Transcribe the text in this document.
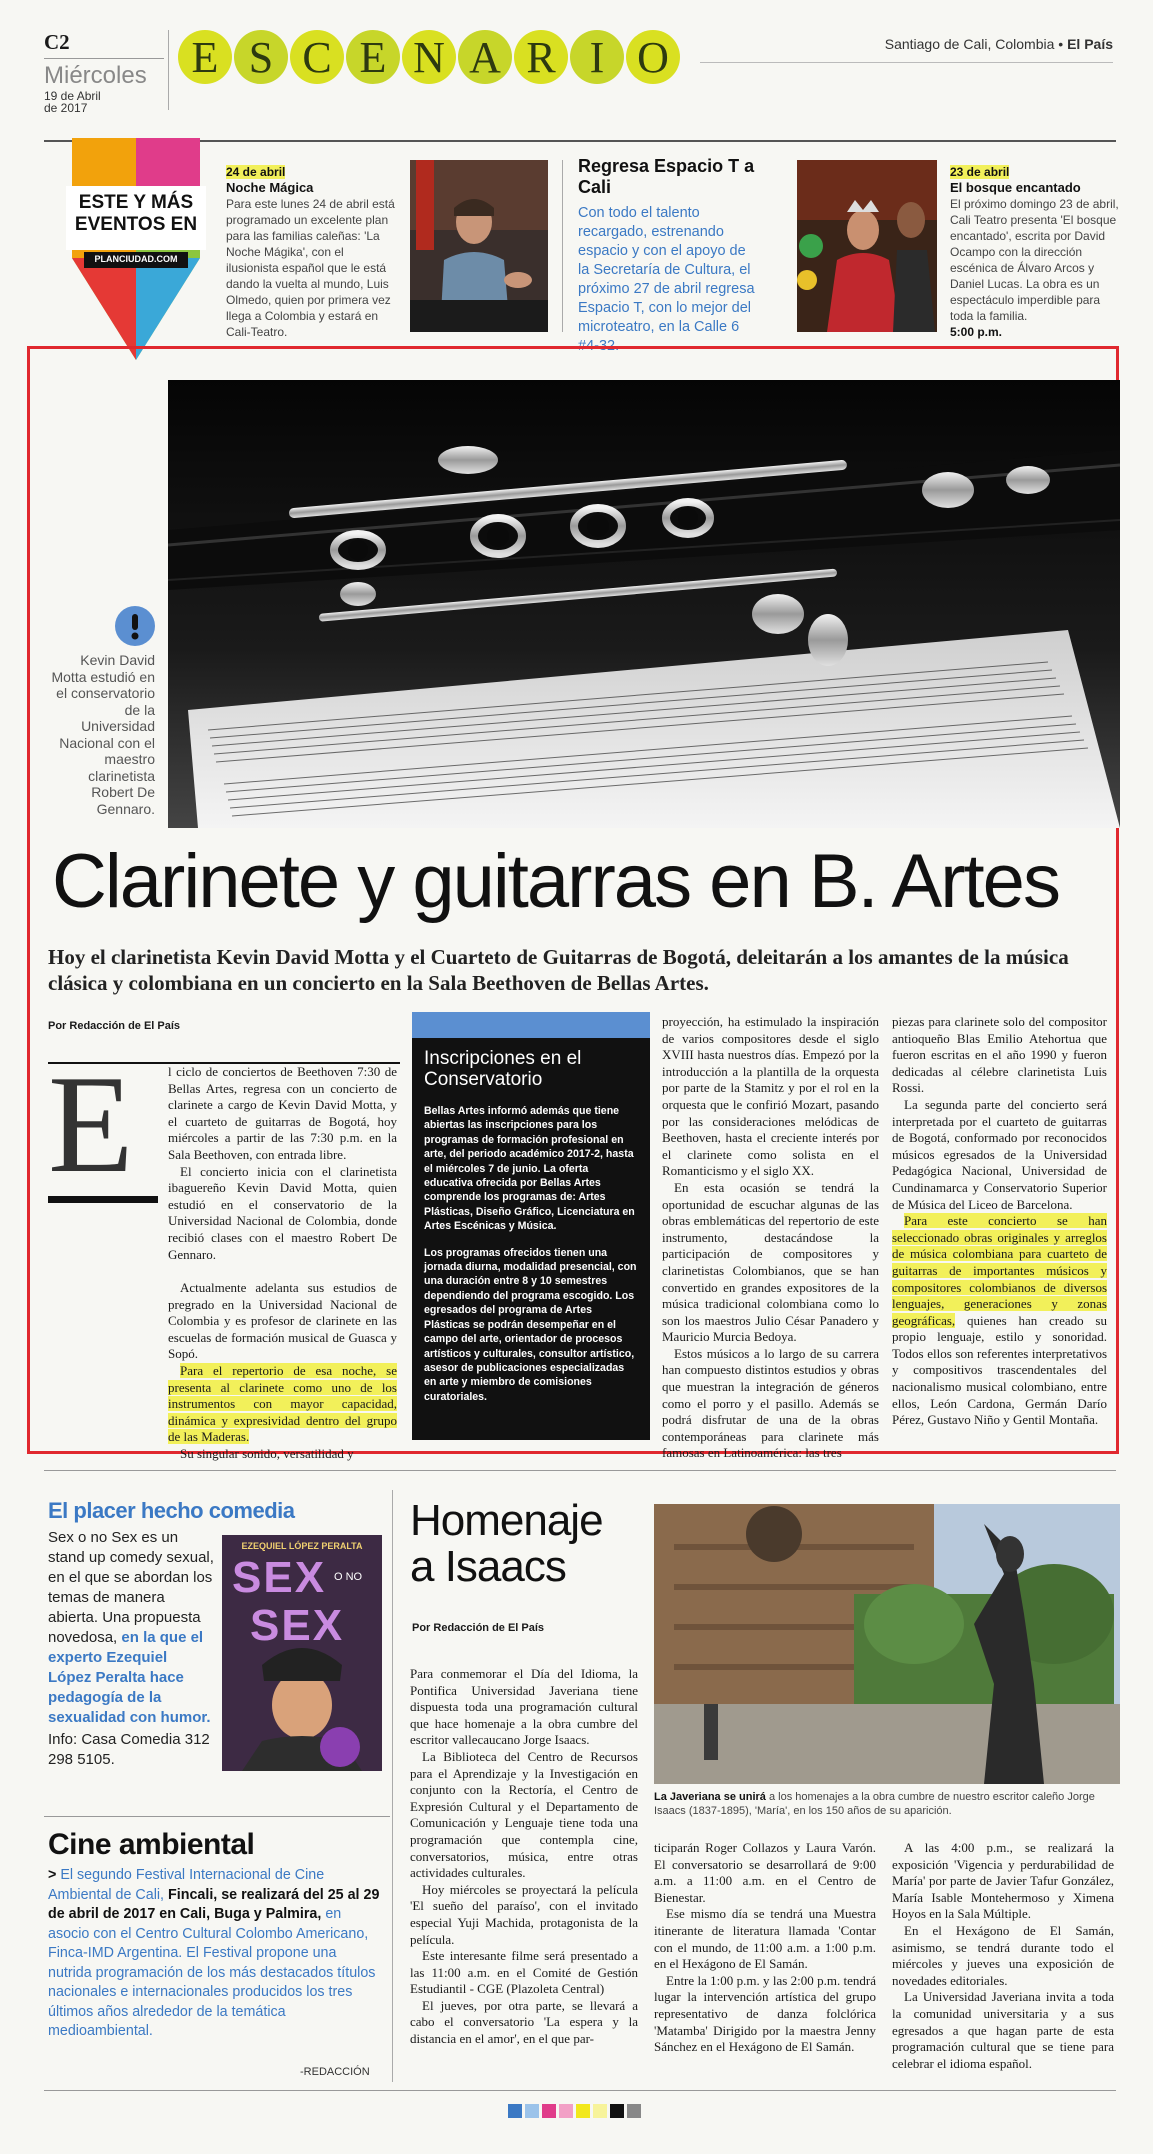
C2
Miércoles
19 de Abril
de 2017
E S C E N A R I O	Santiago de Cali, Colombia • El País
ESTE Y MÁS
EVENTOS EN
PLANCIUDAD.COM
24 de abril
Noche Mágica
Para este lunes 24 de abril está programado un excelente plan para las familias caleñas: 'La Noche Mágika', con el ilusionista español que le está dando la vuelta al mundo, Luis Olmedo, quien por primera vez llega a Colombia y estará en Cali-Teatro.
Regresa Espacio T a Cali
Con todo el talento recargado, estrenando espacio y con el apoyo de la Secretaría de Cultura, el próximo 27 de abril regresa Espacio T, con lo mejor del microteatro, en la Calle 6 #4-32.
23 de abril
El bosque encantado
El próximo domingo 23 de abril, Cali Teatro presenta 'El bosque encantado', escrita por David Ocampo con la dirección escénica de Álvaro Arcos y Daniel Lucas. La obra es un espectáculo imperdible para toda la familia.
5:00 p.m.
Kevin David Motta estudió en el conservatorio de la Universidad Nacional con el maestro clarinetista Robert De Gennaro.
Clarinete y guitarras en B. Artes
Hoy el clarinetista Kevin David Motta y el Cuarteto de Guitarras de Bogotá, deleitarán a los amantes de la música clásica y colombiana en un concierto en la Sala Beethoven de Bellas Artes.
Por Redacción de El País
E	l ciclo de conciertos de Beethoven 7:30 de Bellas Artes, regresa con un concierto de clarinete a cargo de Kevin David Motta, y el cuarteto de guitarras de Bogotá, hoy miércoles a partir de las 7:30 p.m. en la Sala Beethoven, con entrada libre.

El concierto inicia con el clarinetista ibaguereño Kevin David Motta, quien estudió en el conservatorio de la Universidad Nacional de Colombia, donde recibió clases con el maestro Robert De Gennaro.

Actualmente adelanta sus estudios de pregrado en la Universidad Nacional de Colombia y es profesor de clarinete en las escuelas de formación musical de Guasca y Sopó.

Para el repertorio de esa noche, se presenta al clarinete como uno de los instrumentos con mayor capacidad, dinámica y expresividad dentro del grupo de las Maderas.

Su singular sonido, versatilidad y

Inscripciones en el Conservatorio
Bellas Artes informó además que tiene abiertas las inscripciones para los programas de formación profesional en arte, del periodo académico 2017-2, hasta el miércoles 7 de junio. La oferta educativa ofrecida por Bellas Artes comprende los programas de: Artes Plásticas, Diseño Gráfico, Licenciatura en Artes Escénicas y Música.
Los programas ofrecidos tienen una jornada diurna, modalidad presencial, con una duración entre 8 y 10 semestres dependiendo del programa escogido. Los egresados del programa de Artes Plásticas se podrán desempeñar en el campo del arte, orientador de procesos artísticos y culturales, consultor artístico, asesor de publicaciones especializadas en arte y miembro de comisiones curatoriales.

proyección, ha estimulado la inspiración de varios compositores desde el siglo XVIII hasta nuestros días. Empezó por la introducción a la plantilla de la orquesta por parte de la Stamitz y por el rol en la orquesta que le confirió Mozart, pasando por las consideraciones melódicas de Beethoven, hasta el creciente interés por el clarinete como solista en el Romanticismo y el siglo XX.

En esta ocasión se tendrá la oportunidad de escuchar algunas de las obras emblemáticas del repertorio de este instrumento, destacándose la participación de compositores y clarinetistas Colombianos, que se han convertido en grandes expositores de la música tradicional colombiana como lo son los maestros Julio César Panadero y Mauricio Murcia Bedoya.

Estos músicos a lo largo de su carrera han compuesto distintos estudios y obras que muestran la integración de géneros como el porro y el pasillo. Además se podrá disfrutar de una de la obras contemporáneas para clarinete más famosas en Latinoamérica: las tres

piezas para clarinete solo del compositor antioqueño Blas Emilio Atehortua que fueron escritas en el año 1990 y fueron dedicadas al célebre clarinetista Luis Rossi.

La segunda parte del concierto será interpretada por el cuarteto de guitarras de Bogotá, conformado por reconocidos músicos egresados de la Universidad Pedagógica Nacional, Universidad de Cundinamarca y Conservatorio Superior de Música del Liceo de Barcelona.

Para este concierto se han seleccionado obras originales y arreglos de música colombiana para cuarteto de guitarras de importantes músicos y compositores colombianos de diversos lenguajes, generaciones y zonas geográficas, quienes han creado su propio lenguaje, estilo y sonoridad. Todos ellos son referentes interpretativos y compositivos trascendentales del nacionalismo musical colombiano, entre ellos, León Cardona, Germán Darío Pérez, Gustavo Niño y Gentil Montaña.

El placer hecho comedia
Sex o no Sex es un stand up comedy sexual, en el que se abordan los temas de manera abierta. Una propuesta novedosa, en la que el experto Ezequiel López Peralta hace pedagogía de la sexualidad con humor.
Info: Casa Comedia 312 298 5105.
EZEQUIEL LÓPEZ PERALTA
SEX O NO
SEX
Cine ambiental
> El segundo Festival Internacional de Cine Ambiental de Cali, Fincali, se realizará del 25 al 29 de abril de 2017 en Cali, Buga y Palmira, en asocio con el Centro Cultural Colombo Americano, Finca-IMD Argentina. El Festival propone una nutrida programación de los más destacados títulos nacionales e internacionales producidos los tres últimos años alrededor de la temática medioambiental.
-REDACCIÓN
Homenaje
a Isaacs
Por Redacción de El País

Para conmemorar el Día del Idioma, la Pontifica Universidad Javeriana tiene dispuesta toda una programación cultural que hace homenaje a la obra cumbre del escritor vallecaucano Jorge Isaacs.

La Biblioteca del Centro de Recursos para el Aprendizaje y la Investigación en conjunto con la Rectoría, el Centro de Expresión Cultural y el Departamento de Comunicación y Lenguaje tiene toda una programación que contempla cine, conversatorios, música, entre otras actividades culturales.

Hoy miércoles se proyectará la película 'El sueño del paraíso', con el invitado especial Yuji Machida, protagonista de la película.

Este interesante filme será presentado a las 11:00 a.m. en el Comité de Gestión Estudiantil - CGE (Plazoleta Central)

El jueves, por otra parte, se llevará a cabo el conversatorio 'La espera y la distancia en el amor', en el que par-

La Javeriana se unirá a los homenajes a la obra cumbre de nuestro escritor caleño Jorge Isaacs (1837-1895), 'María', en los 150 años de su aparición.

ticiparán Roger Collazos y Laura Varón. El conversatorio se desarrollará de 9:00 a.m. a 11:00 a.m. en el Centro de Bienestar.

Ese mismo día se tendrá una Muestra itinerante de literatura llamada 'Contar con el mundo, de 11:00 a.m. a 1:00 p.m. en el Hexágono de El Samán.

Entre la 1:00 p.m. y las 2:00 p.m. tendrá lugar la intervención artística del grupo representativo de danza folclórica 'Matamba' Dirigido por la maestra Jenny Sánchez en el Hexágono de El Samán.

A las 4:00 p.m., se realizará la exposición 'Vigencia y perdurabilidad de María' por parte de Javier Tafur González, María Isable Montehermoso y Ximena Hoyos en la Sala Múltiple.

En el Hexágono de El Samán, asimismo, se tendrá durante todo el miércoles y jueves una exposición de novedades editoriales.

La Universidad Javeriana invita a toda la comunidad universitaria y a sus egresados a que hagan parte de esta programación cultural que se tiene para celebrar el idioma español.
